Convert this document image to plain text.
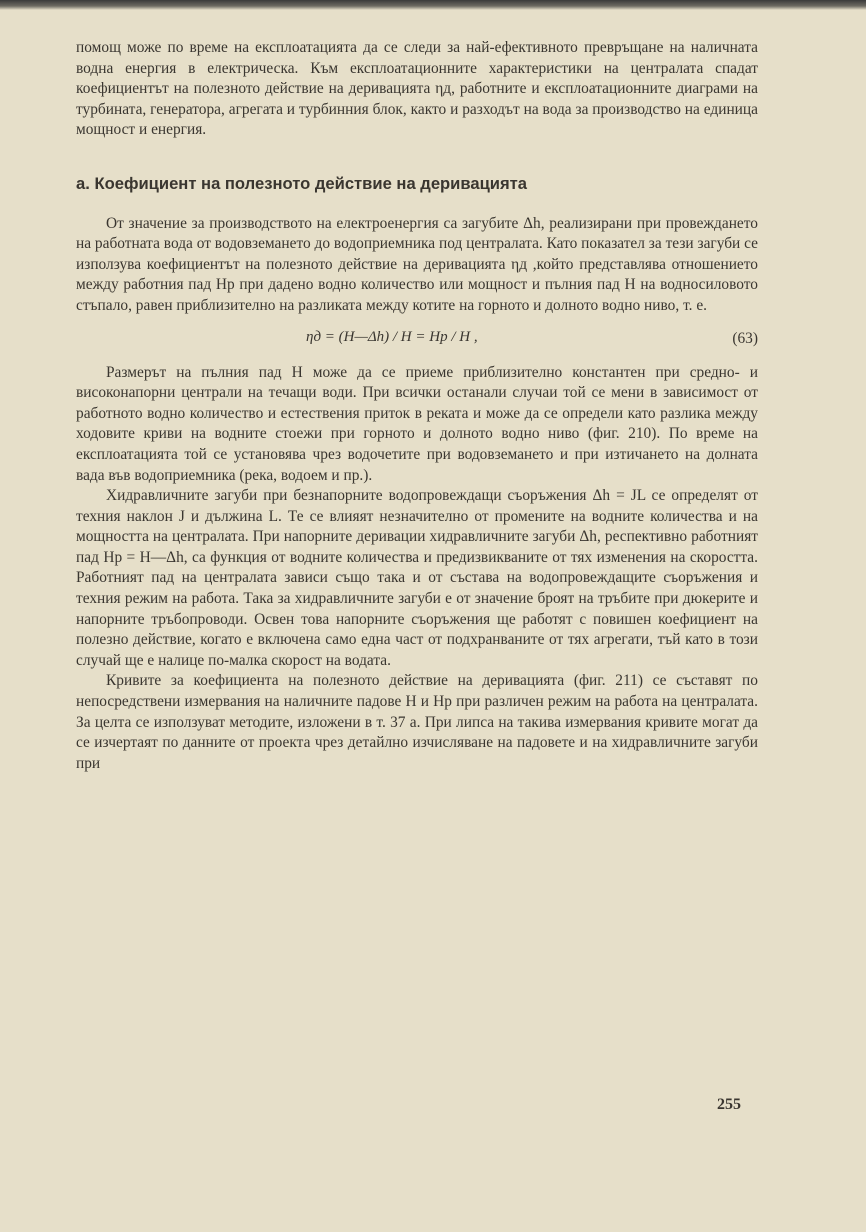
помощ може по време на експлоатацията да се следи за най-ефективното превръщане на наличната водна енергия в електрическа. Към експлоатационните характеристики на централата спадат коефициентът на полезното действие на деривацията ηд, работните и експлоатационните диаграми на турбината, генератора, агрегата и турбинния блок, както и разходът на вода за производство на единица мощност и енергия.

а. Коефициент на полезното действие на деривацията

От значение за производството на електроенергия са загубите Δh, реализирани при провеждането на работната вода от водовземането до водоприемника под централата. Като показател за тези загуби се използува коефициентът на полезното действие на деривацията ηд ,който представлява отношението между работния пад Hр при дадено водно количество или мощност и пълния пад H на водносиловото стъпало, равен приблизително на разликата между котите на горното и долното водно ниво, т. е.

ηд = (H—Δh) / H = Hр / H ,	(63)

Размерът на пълния пад H може да се приеме приблизително константен при средно- и високонапорни централи на течащи води. При всички останали случаи той се мени в зависимост от работното водно количество и естествения приток в реката и може да се определи като разлика между ходовите криви на водните стоежи при горното и долното водно ниво (фиг. 210). По време на експлоатацията той се установява чрез водочетите при водовземането и при изтичането на долната вада във водоприемника (река, водоем и пр.).

Хидравличните загуби при безнапорните водопровеждащи съоръжения Δh = JL се определят от техния наклон J и дължина L. Те се влияят незначително от промените на водните количества и на мощността на централата. При напорните деривации хидравличните загуби Δh, респективно работният пад Hр = H—Δh, са функция от водните количества и предизвикваните от тях изменения на скоростта. Работният пад на централата зависи също така и от състава на водопровеждащите съоръжения и техния режим на работа. Така за хидравличните загуби е от значение броят на тръбите при дюкерите и напорните тръбопроводи. Освен това напорните съоръжения ще работят с повишен коефициент на полезно действие, когато е включена само една част от подхранваните от тях агрегати, тъй като в този случай ще е налице по-малка скорост на водата.

Кривите за коефициента на полезното действие на деривацията (фиг. 211) се съставят по непосредствени измервания на наличните падове H и Hр при различен режим на работа на централата. За целта се използуват методите, изложени в т. 37 а. При липса на такива измервания кривите могат да се изчертаят по данните от проекта чрез детайлно изчисляване на падовете и на хидравличните загуби при

255
